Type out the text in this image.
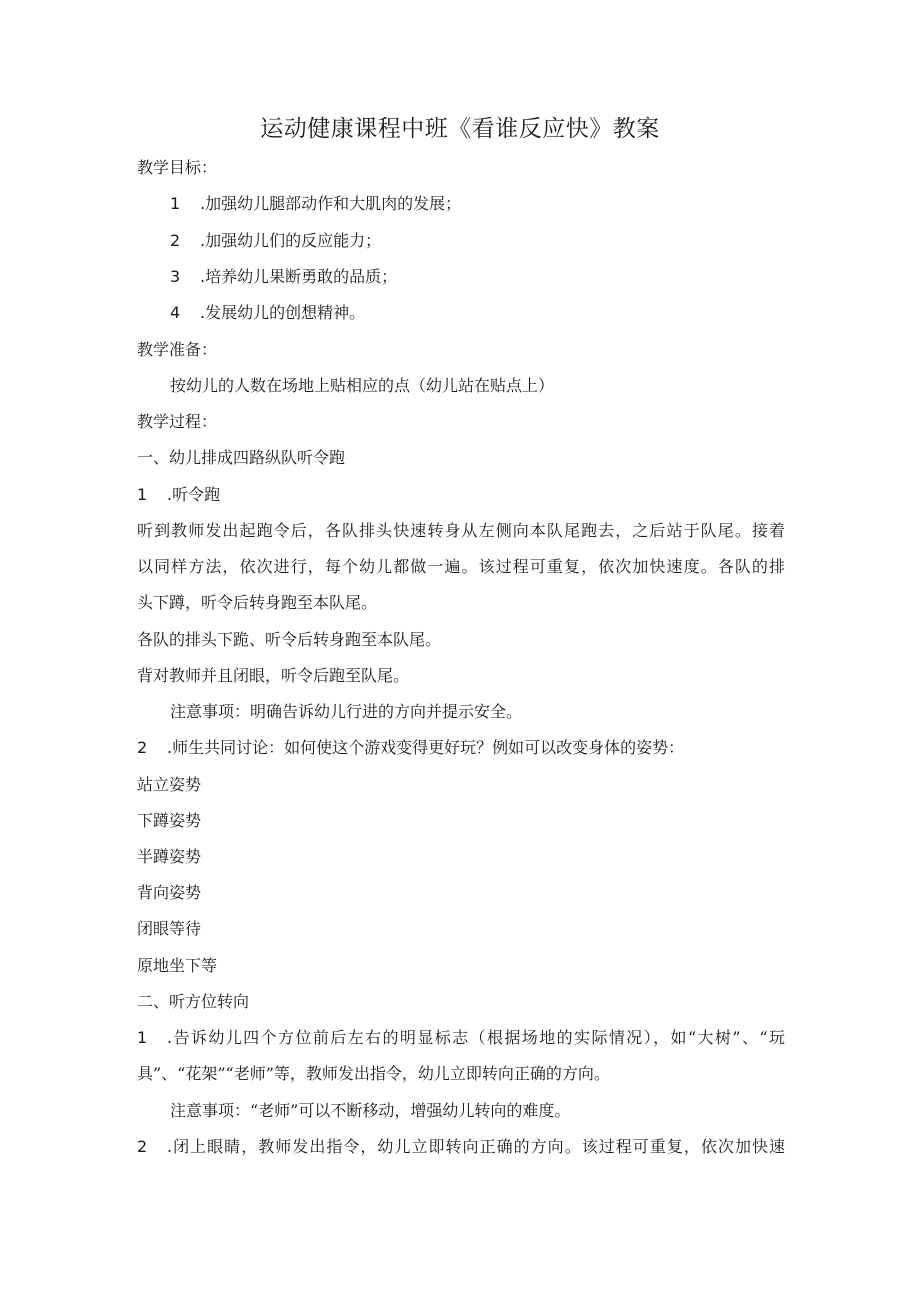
运动健康课程中班《看谁反应快》教案
教学目标：
1 .加强幼儿腿部动作和大肌肉的发展；
2 .加强幼儿们的反应能力；
3 .培养幼儿果断勇敢的品质；
4 .发展幼儿的创想精神。
教学准备：
按幼儿的人数在场地上贴相应的点（幼儿站在贴点上）
教学过程：
一、幼儿排成四路纵队听令跑
1 .听令跑
听到教师发出起跑令后，各队排头快速转身从左侧向本队尾跑去，之后站于队尾。接着
以同样方法，依次进行，每个幼儿都做一遍。该过程可重复，依次加快速度。各队的排
头下蹲，听令后转身跑至本队尾。
各队的排头下跪、听令后转身跑至本队尾。
背对教师并且闭眼，听令后跑至队尾。
注意事项：明确告诉幼儿行进的方向并提示安全。
2 .师生共同讨论：如何使这个游戏变得更好玩？例如可以改变身体的姿势：
站立姿势
下蹲姿势
半蹲姿势
背向姿势
闭眼等待
原地坐下等
二、听方位转向
1 .告诉幼儿四个方位前后左右的明显标志（根据场地的实际情况），如“大树”、“玩
具”、“花架”“老师”等，教师发出指令，幼儿立即转向正确的方向。
注意事项：“老师”可以不断移动，增强幼儿转向的难度。
2 .闭上眼睛，教师发出指令，幼儿立即转向正确的方向。该过程可重复，依次加快速
